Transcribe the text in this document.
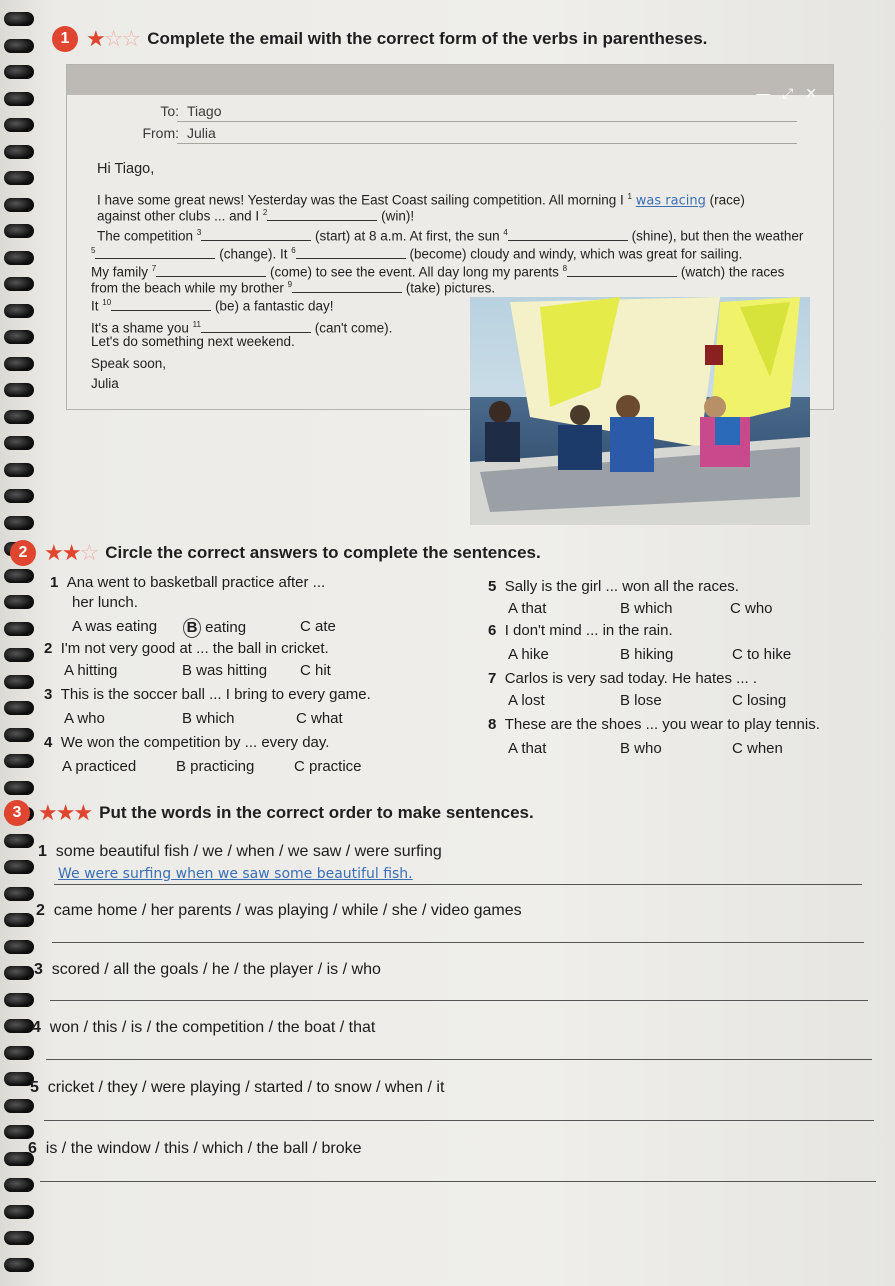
1 ★☆☆ Complete the email with the correct form of the verbs in parentheses.
— ⤢ ✕
To: Tiago
From: Julia
Hi Tiago,
I have some great news! Yesterday was the East Coast sailing competition. All morning I $^1$ was racing (race)
against other clubs ... and I $^2$	(win)!
The competition $^3$	(start) at 8 a.m. At first, the sun $^4$	(shine), but then the weather
$^5$	(change). It $^6$	(become) cloudy and windy, which was great for sailing.
My family $^7$	(come) to see the event. All day long my parents $^8$	(watch) the races
from the beach while my brother $^9$	(take) pictures.
It $^{10}$	(be) a fantastic day!
It's a shame you $^{11}$	(can't come).
Let's do something next weekend.
Speak soon,
Julia
2 ★★☆ Circle the correct answers to complete the sentences.
1 Ana went to basketball practice after ...
her lunch.
A was eating B eating	C ate
2 I'm not very good at ... the ball in cricket.
A hitting	B was hitting C hit
3 This is the soccer ball ... I bring to every game.
A who	B which	C what
4 We won the competition by ... every day.
A practiced	B practicing	C practice
5 Sally is the girl ... won all the races.
A that	B which	C who
6 I don't mind ... in the rain.
A hike	B hiking	C to hike
7 Carlos is very sad today. He hates ... .
A lost	B lose	C losing
8 These are the shoes ... you wear to play tennis.
A that	B who	C when
3 ★★★ Put the words in the correct order to make sentences.
1 some beautiful fish / we / when / we saw / were surfing
We were surfing when we saw some beautiful fish.
2 came home / her parents / was playing / while / she / video games
3 scored / all the goals / he / the player / is / who
4 won / this / is / the competition / the boat / that
5 cricket / they / were playing / started / to snow / when / it
6 is / the window / this / which / the ball / broke
